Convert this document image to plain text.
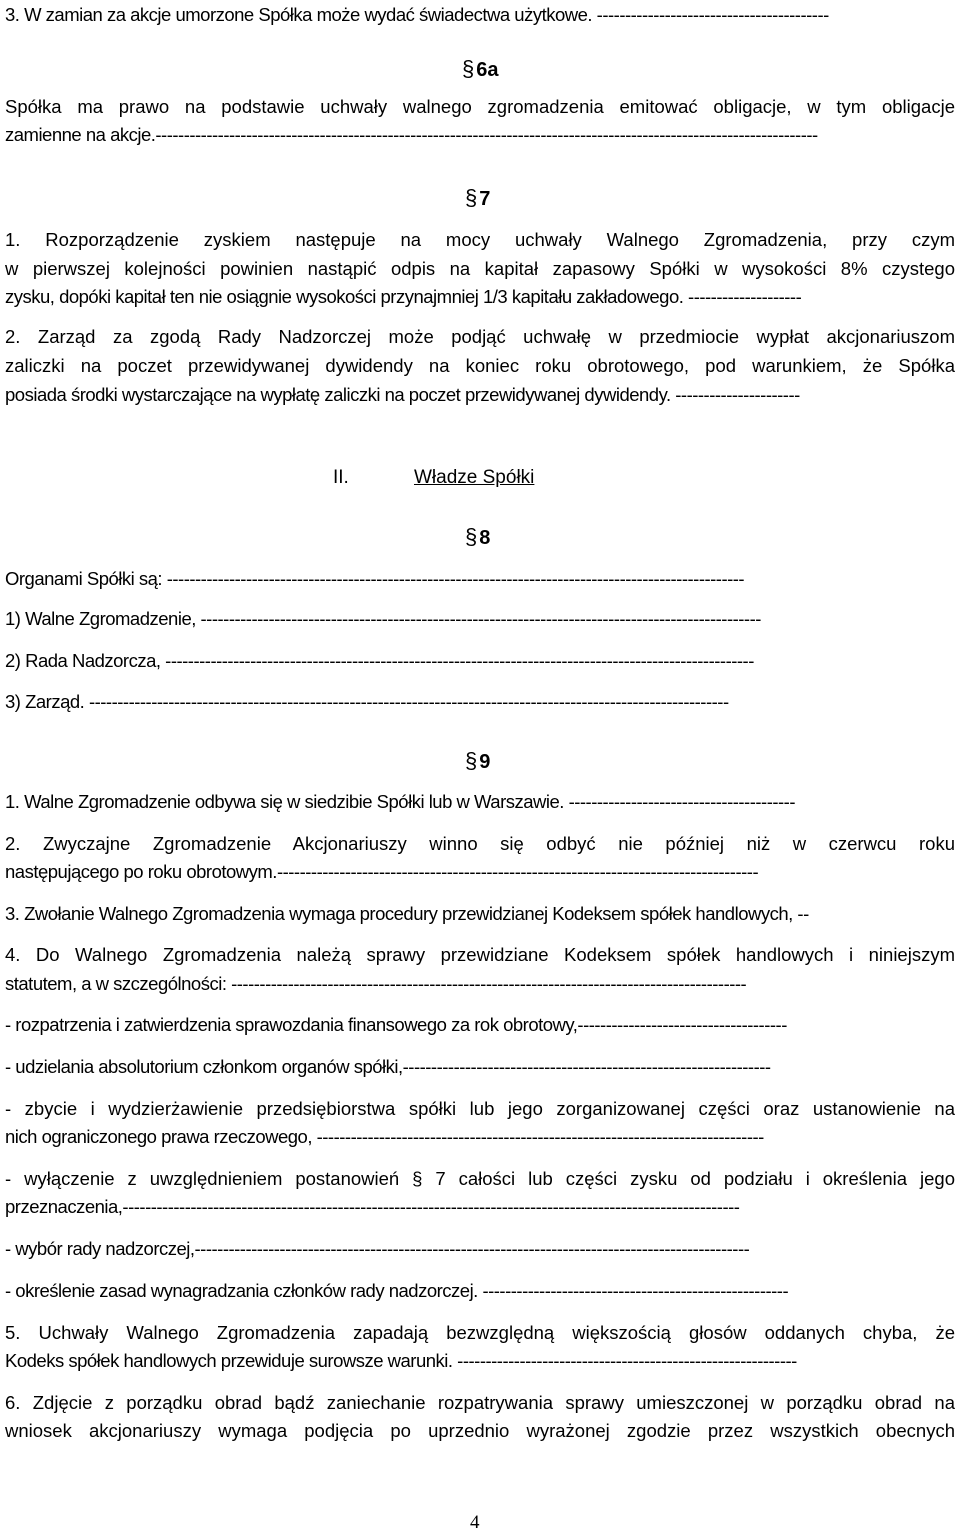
3. W zamian za akcje umorzone Spółka może wydać świadectwa użytkowe. -----------------------------------------
§ 6a
Spółka ma prawo na podstawie uchwały walnego zgromadzenia emitować obligacje, w tym obligacje
zamienne na akcje.---------------------------------------------------------------------------------------------------------------------
§ 7
1. Rozporządzenie zyskiem następuje na mocy uchwały Walnego Zgromadzenia, przy czym
w pierwszej kolejności powinien nastąpić odpis na kapitał zapasowy Spółki w wysokości 8% czystego
zysku, dopóki kapitał ten nie osiągnie wysokości przynajmniej 1/3 kapitału zakładowego. --------------------
2. Zarząd za zgodą Rady Nadzorczej może podjąć uchwałę w przedmiocie wypłat akcjonariuszom
zaliczki na poczet przewidywanej dywidendy na koniec roku obrotowego, pod warunkiem, że Spółka
posiada środki wystarczające na wypłatę zaliczki na poczet przewidywanej dywidendy. ----------------------
II.	Władze Spółki
§ 8
Organami Spółki są: ------------------------------------------------------------------------------------------------------
1) Walne Zgromadzenie, ---------------------------------------------------------------------------------------------------
2) Rada Nadzorcza, --------------------------------------------------------------------------------------------------------
3) Zarząd. -----------------------------------------------------------------------------------------------------------------
§ 9
1. Walne Zgromadzenie odbywa się w siedzibie Spółki lub w Warszawie. ----------------------------------------
2. Zwyczajne Zgromadzenie Akcjonariuszy winno się odbyć nie później niż w czerwcu roku
następującego po roku obrotowym.-------------------------------------------------------------------------------------
3. Zwołanie Walnego Zgromadzenia wymaga procedury przewidzianej Kodeksem spółek handlowych, --
4. Do Walnego Zgromadzenia należą sprawy przewidziane Kodeksem spółek handlowych i niniejszym
statutem, a w szczególności: -------------------------------------------------------------------------------------------
- rozpatrzenia i zatwierdzenia sprawozdania finansowego za rok obrotowy,-------------------------------------
- udzielania absolutorium członkom organów spółki,-----------------------------------------------------------------
- zbycie i wydzierżawienie przedsiębiorstwa spółki lub jego zorganizowanej części oraz ustanowienie na
nich ograniczonego prawa rzeczowego, -------------------------------------------------------------------------------
- wyłączenie z uwzględnieniem postanowień § 7 całości lub części zysku od podziału i określenia jego
przeznaczenia,-------------------------------------------------------------------------------------------------------------
- wybór rady nadzorczej,--------------------------------------------------------------------------------------------------
- określenie zasad wynagradzania członków rady nadzorczej. ------------------------------------------------------
5. Uchwały Walnego Zgromadzenia zapadają bezwzględną większością głosów oddanych chyba, że
Kodeks spółek handlowych przewiduje surowsze warunki. ------------------------------------------------------------
6. Zdjęcie z porządku obrad bądź zaniechanie rozpatrywania sprawy umieszczonej w porządku obrad na
wniosek akcjonariuszy wymaga podjęcia po uprzednio wyrażonej zgodzie przez wszystkich obecnych
4
